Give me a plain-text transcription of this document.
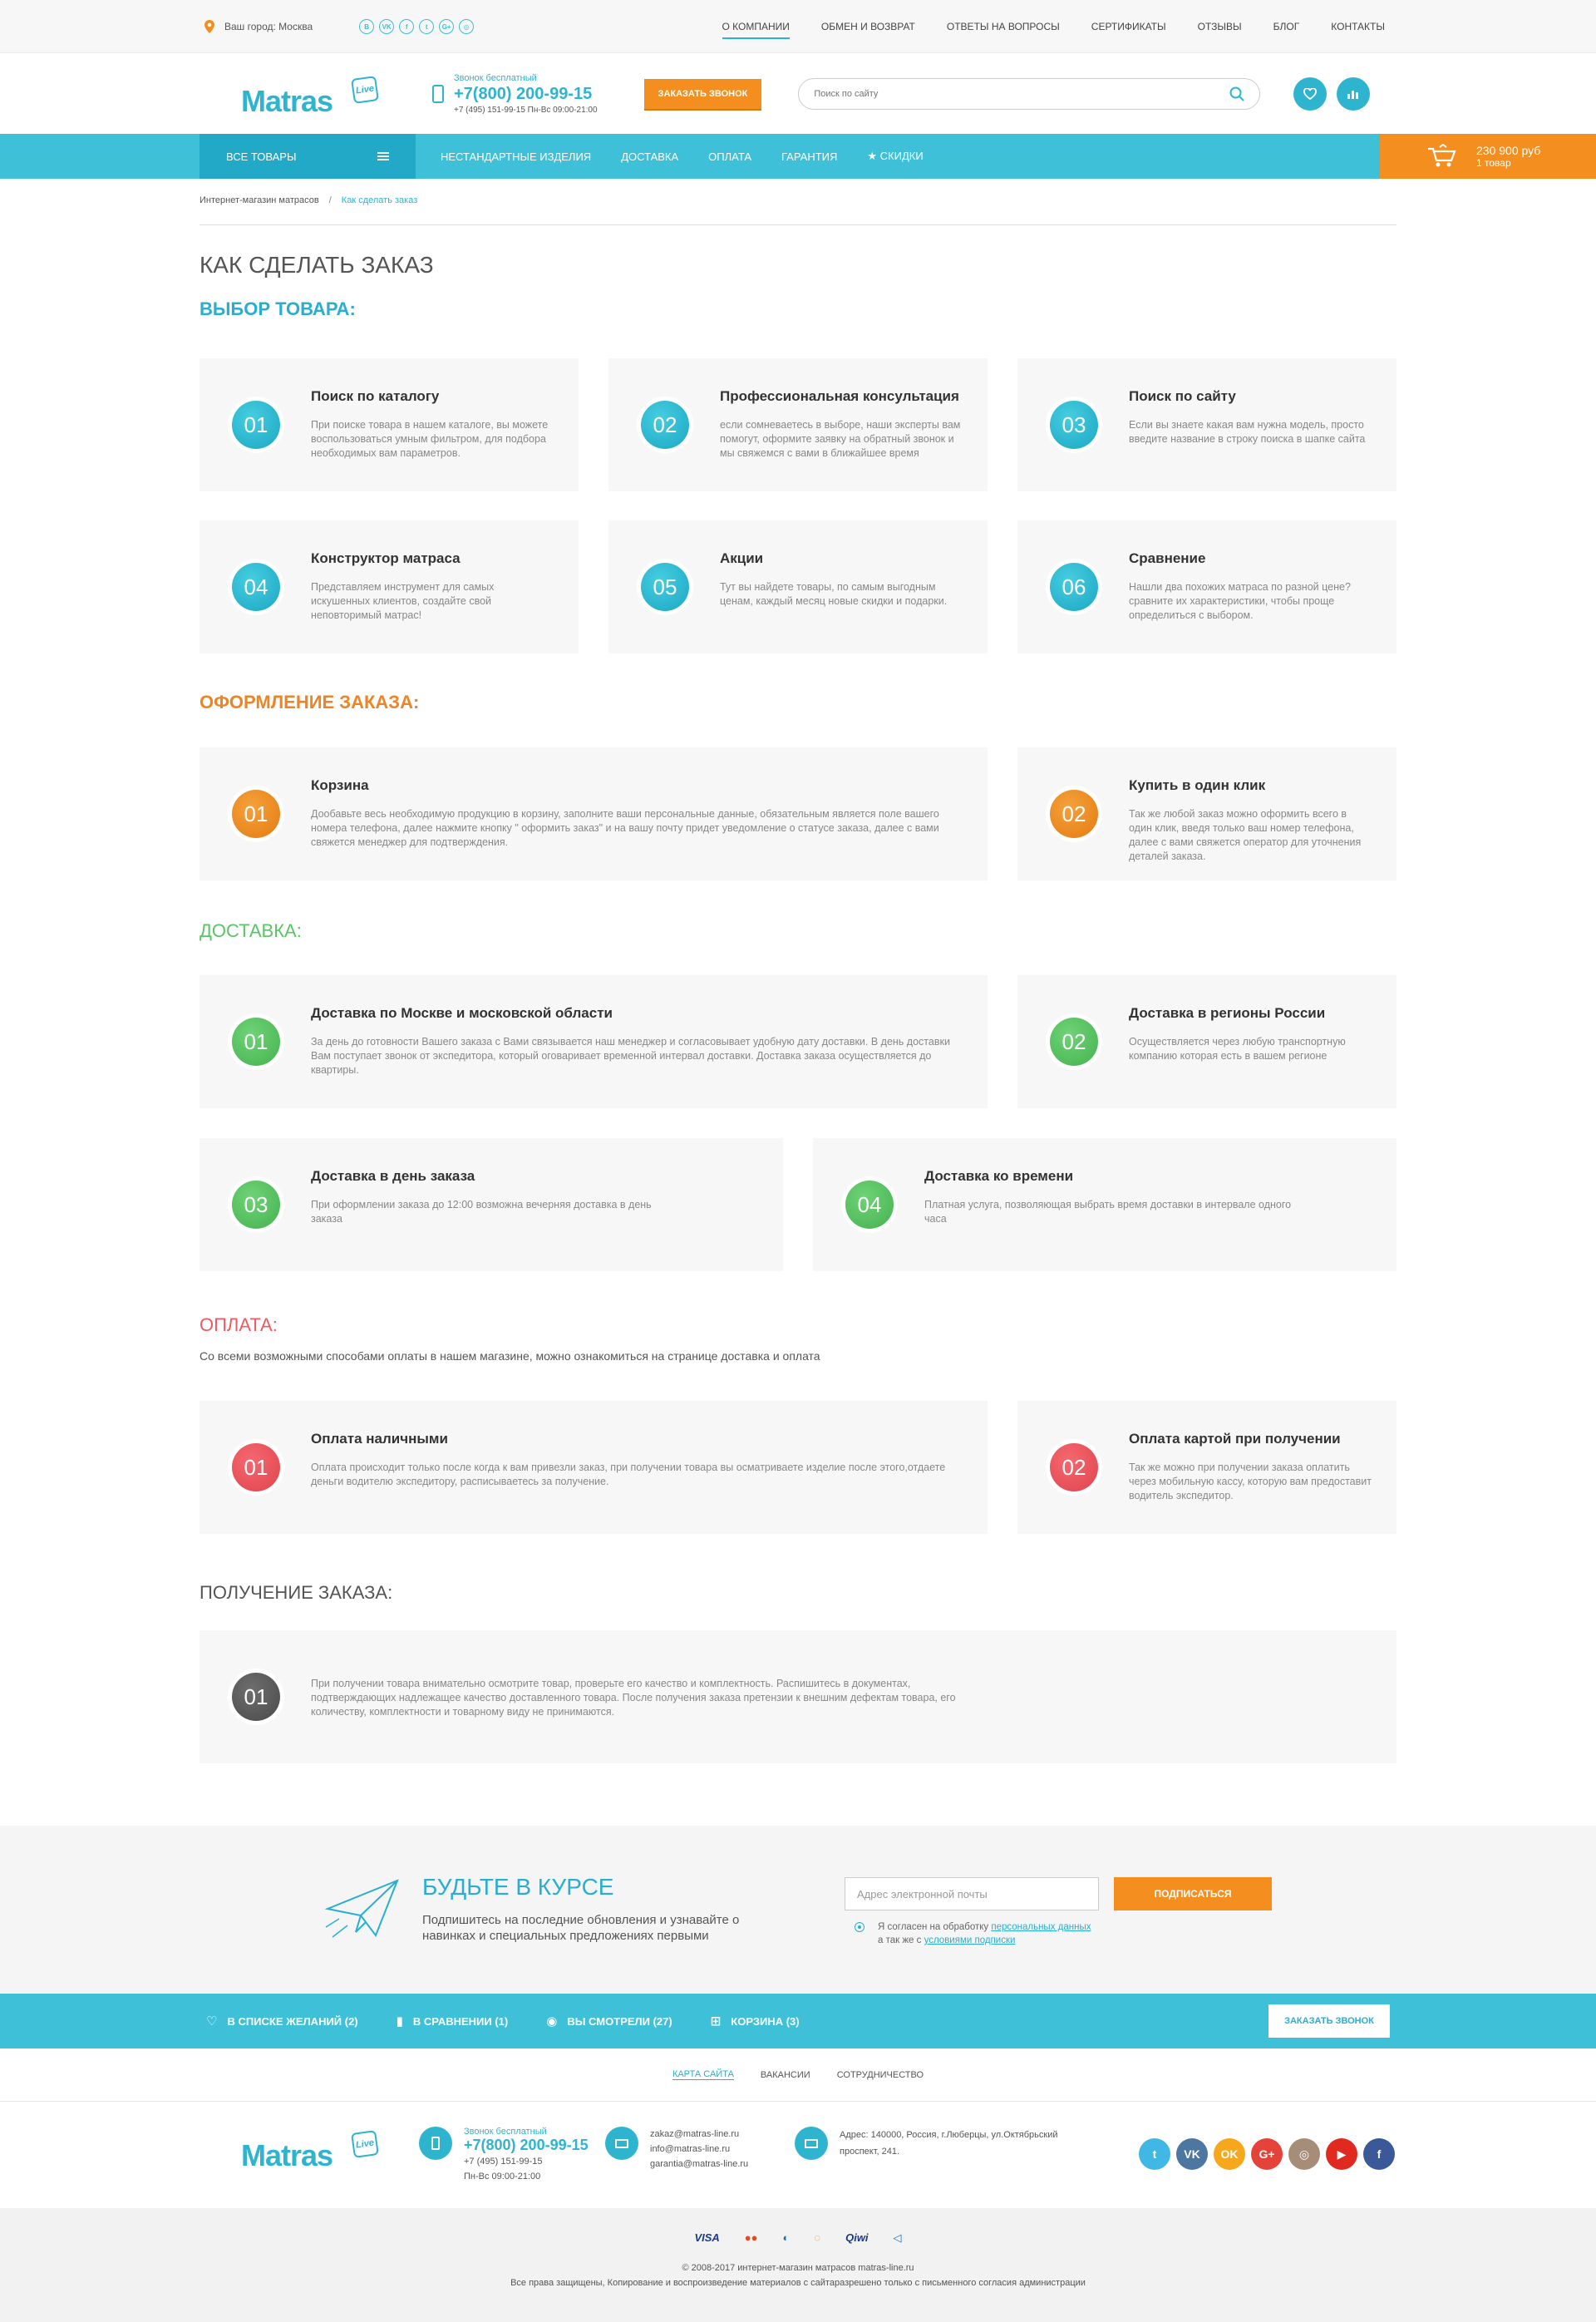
Ваш город: Москва	В	VK	f	t	G+	◎	О КОМПАНИИ	ОБМЕН И ВОЗВРАТ	ОТВЕТЫ НА ВОПРОСЫ	СЕРТИФИКАТЫ	ОТЗЫВЫ	БЛОГ	КОНТАКТЫ
Matras	Live
Звонок бесплатный
+7(800) 200-99-15
+7 (495) 151-99-15 Пн-Вс 09:00-21:00
ЗАКАЗАТЬ ЗВОНОК
Поиск по сайту
ВСЕ ТОВАРЫ	НЕСТАНДАРТНЫЕ ИЗДЕЛИЯ	ДОСТАВКА	ОПЛАТА	ГАРАНТИЯ	★ СКИДКИ	230 900 руб
1 товар
Интернет-магазин матрасов / Как сделать заказ
КАК СДЕЛАТЬ ЗАКАЗ
ВЫБОР ТОВАРА:
01
Поиск по каталогу

При поиске товара в нашем каталоге, вы можете воспользоваться умным фильтром, для подбора необходимых вам параметров.

02
Профессиональная консультация

если сомневаетесь в выборе, наши эксперты вам помогут, оформите заявку на обратный звонок и мы свяжемся с вами в ближайшее время

03
Поиск по сайту

Если вы знаете какая вам нужна модель, просто введите название в строку поиска в шапке сайта

04
Конструктор матраса

Представляем инструмент для самых искушенных клиентов, создайте свой неповторимый матрас!

05
Акции

Тут вы найдете товары, по самым выгодным ценам, каждый месяц новые скидки и подарки.

06
Сравнение

Нашли два похожих матраса по разной цене? сравните их характеристики, чтобы проще определиться с выбором.

ОФОРМЛЕНИЕ ЗАКАЗА:
01
Корзина

Дообавьте весь необходимую продукцию в корзину, заполните ваши персональные данные, обязательным является поле вашего номера телефона, далее нажмите кнопку " оформить заказ" и на вашу почту придет уведомление о статусе заказа, далее с вами свяжется менеджер для подтверждения.

02
Купить в один клик

Так же любой заказ можно оформить всего в один клик, введя только ваш номер телефона, далее с вами свяжется оператор для уточнения деталей заказа.

ДОСТАВКА:
01
Доставка по Москве и московской области

За день до готовности Вашего заказа с Вами связывается наш менеджер и согласовывает удобную дату доставки. В день доставки Вам поступает звонок от экспедитора, который оговаривает временной интервал доставки. Доставка заказа осуществляется до квартиры.

02
Доставка в регионы России

Осуществляется через любую транспортную компанию которая есть в вашем регионе

03
Доставка в день заказа

При оформлении заказа до 12:00 возможна вечерняя доставка в день заказа

04
Доставка ко времени

Платная услуга, позволяющая выбрать время доставки в интервале одного часа

ОПЛАТА:
Со всеми возможными способами оплаты в нашем магазине, можно ознакомиться на странице доставка и оплата
01
Оплата наличными

Оплата происходит только после когда к вам привезли заказ, при получении товара вы осматриваете изделие после этого,отдаете деньги водителю экспедитору, расписываетесь за получение.

02
Оплата картой при получении

Так же можно при получении заказа оплатить через мобильную кассу, которую вам предоставит водитель экспедитор.

ПОЛУЧЕНИЕ ЗАКАЗА:
01

При получении товара внимательно осмотрите товар, проверьте его качество и комплектность. Распишитесь в документах, подтверждающих надлежащее качество доставленного товара. После получения заказа претензии к внешним дефектам товара, его количеству, комплектности и товарному виду не принимаются.

БУДЬТЕ В КУРСЕ
Подпишитесь на последние обновления и узнавайте о навинках и специальных предложениях первыми
Адрес электронной почты	ПОДПИСАТЬСЯ
Я согласен на обработку персональных данных
а так же с условиями подписки
♡ В СПИСКЕ ЖЕЛАНИЙ (2)	▮ В СРАВНЕНИИ (1)	◉ ВЫ СМОТРЕЛИ (27)	⊞ КОРЗИНА (3)	ЗАКАЗАТЬ ЗВОНОК
КАРТА САЙТА	ВАКАНСИИ	СОТРУДНИЧЕСТВО
Matras	Live
Звонок бесплатный
+7(800) 200-99-15
+7 (495) 151-99-15
Пн-Вс 09:00-21:00
zakaz@matras-line.ru
info@matras-line.ru
garantia@matras-line.ru
Адрес: 140000, Россия, г.Люберцы, ул.Октябрьский проспект, 241.	t	VK	OK	G+	◎	▶	f
VISA ●● ◐ ◌ Qiwi ◁
© 2008-2017 интернет-магазин матрасов matras-line.ru
Все права защищены, Копирование и воспроизведение материалов с сайтаразрешено только с письменного согласия администрации
